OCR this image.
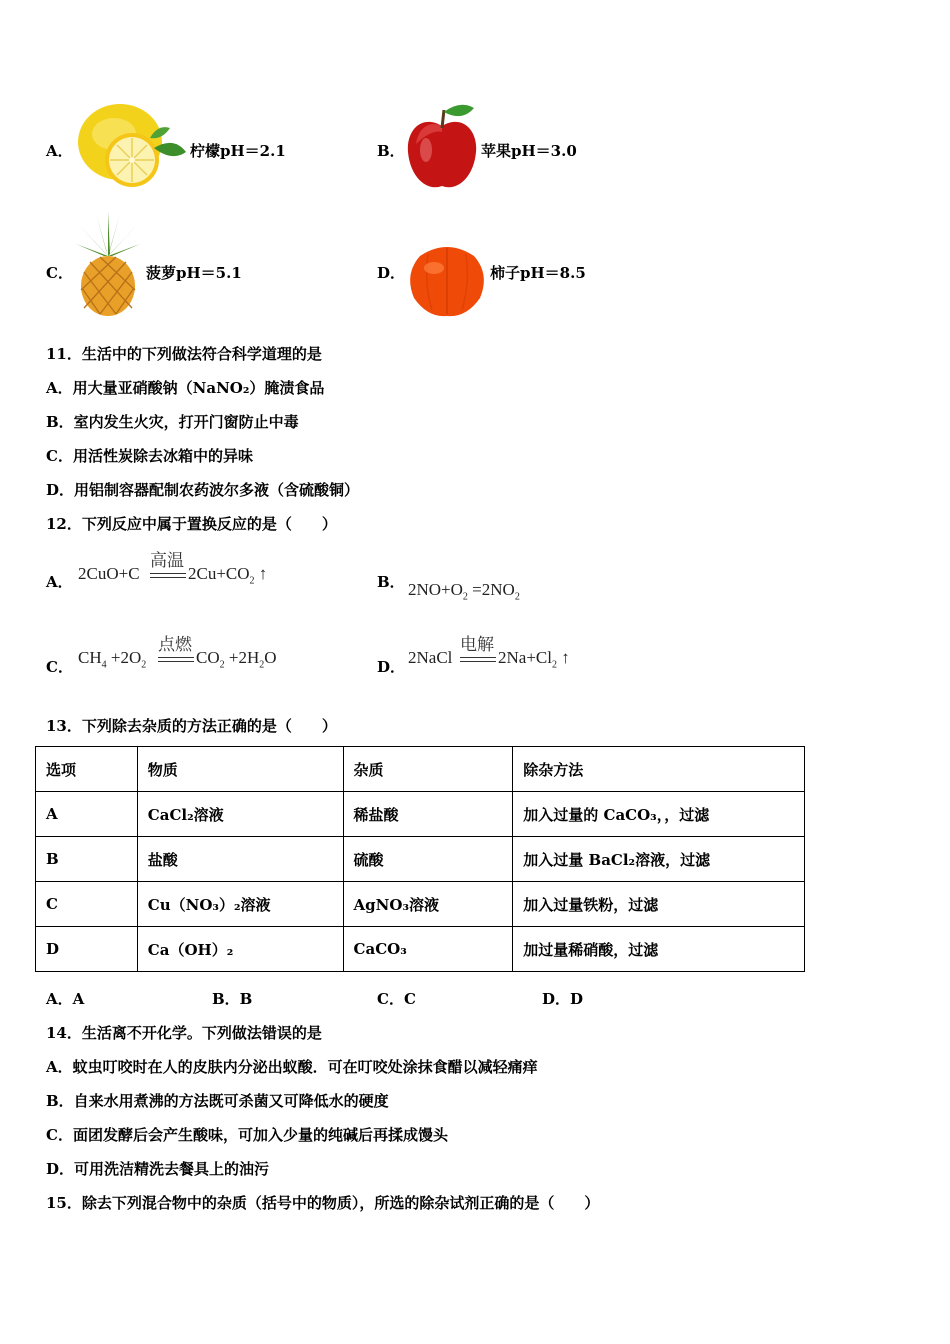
A．	柠檬pH＝2.1	B．	苹果pH＝3.0
C．	菠萝pH＝5.1	D．	柿子pH＝8.5
11．生活中的下列做法符合科学道理的是
A．用大量亚硝酸钠（NaNO₂）腌渍食品
B．室内发生火灾，打开门窗防止中毒
C．用活性炭除去冰箱中的异味
D．用铝制容器配制农药波尔多液（含硫酸铜）
12．下列反应中属于置换反应的是（　　）
A． 2CuO+C
高温
$2Cu+CO_2$ ↑	B． $2NO+O_2 =2NO_2$
C． $CH_4 +2O_2$
点燃
$CO_2 +2H_2O$	D． 2NaCl
电解
$2Na+Cl_2$ ↑
13．下列除去杂质的方法正确的是（　　）
选项	物质	杂质	除杂方法
A	CaCl₂溶液	稀盐酸	加入过量的 CaCO₃，，过滤
B	盐酸	硫酸	加入过量 BaCl₂溶液，过滤
C	Cu（NO₃）₂溶液	AgNO₃溶液	加入过量铁粉，过滤
D	Ca（OH）₂	CaCO₃	加过量稀硝酸，过滤
A．A	B．B	C．C	D．D
14．生活离不开化学。下列做法错误的是
A．蚊虫叮咬时在人的皮肤内分泌出蚁酸．可在叮咬处涂抹食醋以减轻痛痒
B．自来水用煮沸的方法既可杀菌又可降低水的硬度
C．面团发酵后会产生酸味，可加入少量的纯碱后再揉成馒头
D．可用洗洁精洗去餐具上的油污
15．除去下列混合物中的杂质（括号中的物质），所选的除杂试剂正确的是（　　）
